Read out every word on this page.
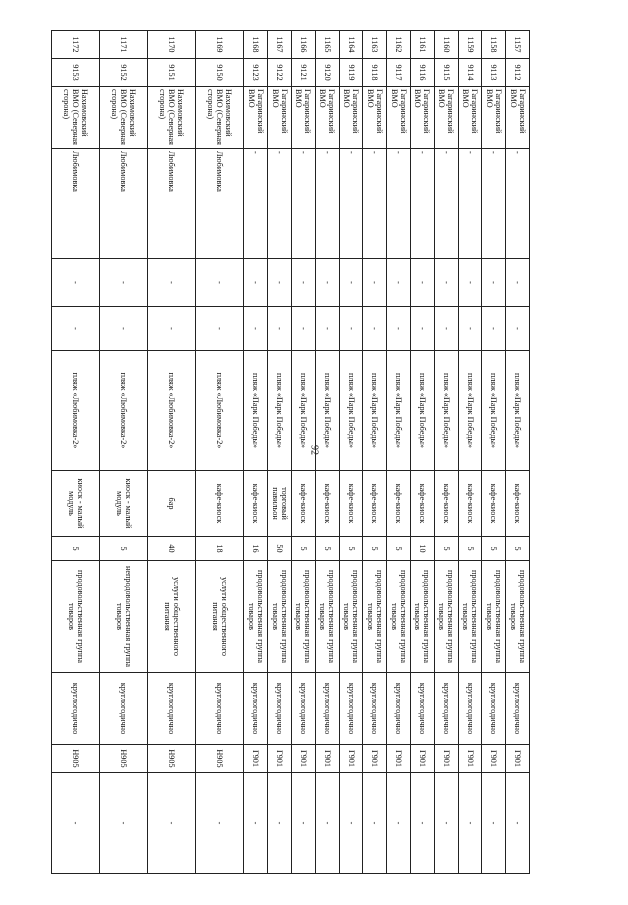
92
1157	9112	Гагаринский ВМО	-	-	-	пляж «Парк Победы»	кафе-киоск	5	продовольственная группа товаров	круглогодично	Г901	-
1158	9113	Гагаринский ВМО	-	-	-	пляж «Парк Победы»	кафе-киоск	5	продовольственная группа товаров	круглогодично	Г901	-
1159	9114	Гагаринский ВМО	-	-	-	пляж «Парк Победы»	кафе-киоск	5	продовольственная группа товаров	круглогодично	Г901	-
1160	9115	Гагаринский ВМО	-	-	-	пляж «Парк Победы»	кафе-киоск	5	продовольственная группа товаров	круглогодично	Г901	-
1161	9116	Гагаринский ВМО	-	-	-	пляж «Парк Победы»	кафе-киоск	10	продовольственная группа товаров	круглогодично	Г901	-
1162	9117	Гагаринский ВМО	-	-	-	пляж «Парк Победы»	кафе-киоск	5	продовольственная группа товаров	круглогодично	Г901	-
1163	9118	Гагаринский ВМО	-	-	-	пляж «Парк Победы»	кафе-киоск	5	продовольственная группа товаров	круглогодично	Г901	-
1164	9119	Гагаринский ВМО	-	-	-	пляж «Парк Победы»	кафе-киоск	5	продовольственная группа товаров	круглогодично	Г901	-
1165	9120	Гагаринский ВМО	-	-	-	пляж «Парк Победы»	кафе-киоск	5	продовольственная группа товаров	круглогодично	Г901	-
1166	9121	Гагаринский ВМО	-	-	-	пляж «Парк Победы»	кафе-киоск	5	продовольственная группа товаров	круглогодично	Г901	-
1167	9122	Гагаринский ВМО	-	-	-	пляж «Парк Победы»	торговый павильон	50	продовольственная группа товаров	круглогодично	Г901	-
1168	9123	Гагаринский ВМО	-	-	-	пляж «Парк Победы»	кафе-киоск	16	продовольственная группа товаров	круглогодично	Г901	-
1169	9150	Нахимовский ВМО (Северная сторона)	Любимовка	-	-	пляж «Любимовка-2»	кафе-киоск	18	услуги общественного питания	круглогодично	Н905	-
1170	9151	Нахимовский ВМО (Северная сторона)	Любимовка	-	-	пляж «Любимовка-2»	бар	40	услуги общественного питания	круглогодично	Н905	-
1171	9152	Нахимовский ВМО (Северная сторона)	Любимовка	-	-	пляж «Любимовка-2»	киоск - малый модуль	5	непродовольственная группа товаров	круглогодично	Н905	-
1172	9153	Нахимовский ВМО (Северная сторона)	Любимовка	-	-	пляж «Любимовка-2»	киоск - малый модуль	5	продовольственная группа товаров	круглогодично	Н905	-
